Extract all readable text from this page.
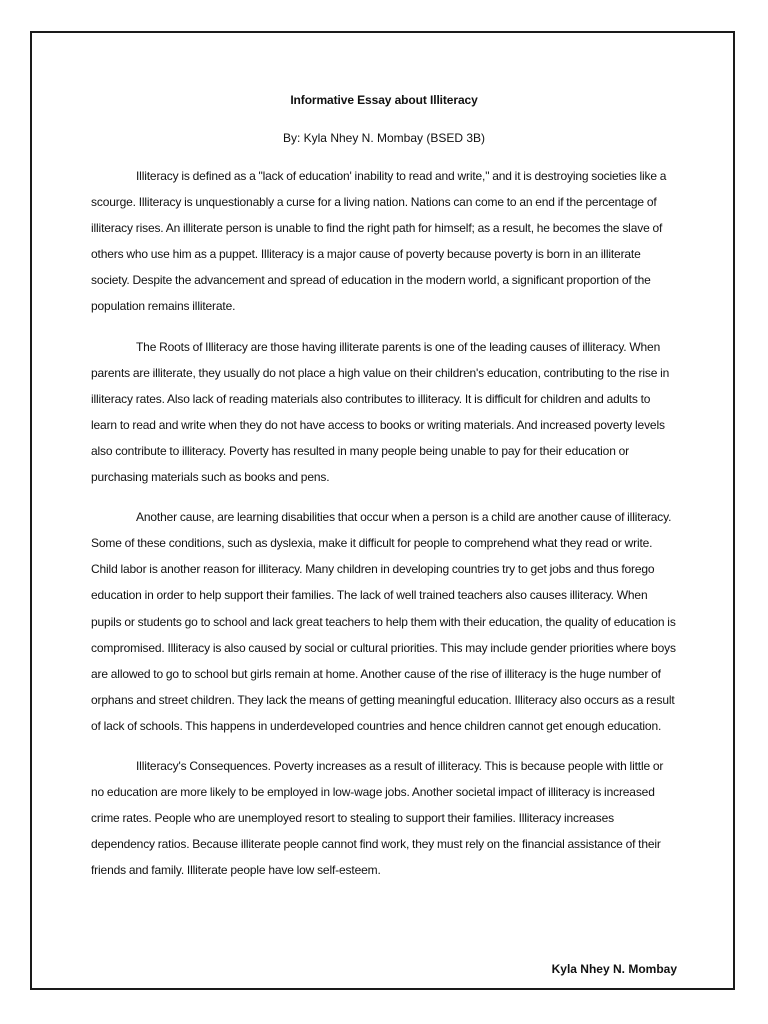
Informative Essay about Illiteracy
By: Kyla Nhey N. Mombay (BSED 3B)

Illiteracy is defined as a "lack of education' inability to read and write," and it is destroying societies like a scourge. Illiteracy is unquestionably a curse for a living nation. Nations can come to an end if the percentage of illiteracy rises. An illiterate person is unable to find the right path for himself; as a result, he becomes the slave of others who use him as a puppet. Illiteracy is a major cause of poverty because poverty is born in an illiterate society. Despite the advancement and spread of education in the modern world, a significant proportion of the population remains illiterate.

The Roots of Illiteracy are those having illiterate parents is one of the leading causes of illiteracy. When parents are illiterate, they usually do not place a high value on their children's education, contributing to the rise in illiteracy rates. Also lack of reading materials also contributes to illiteracy. It is difficult for children and adults to learn to read and write when they do not have access to books or writing materials. And increased poverty levels also contribute to illiteracy. Poverty has resulted in many people being unable to pay for their education or purchasing materials such as books and pens.

Another cause, are learning disabilities that occur when a person is a child are another cause of illiteracy. Some of these conditions, such as dyslexia, make it difficult for people to comprehend what they read or write. Child labor is another reason for illiteracy. Many children in developing countries try to get jobs and thus forego education in order to help support their families. The lack of well trained teachers also causes illiteracy. When pupils or students go to school and lack great teachers to help them with their education, the quality of education is compromised. Illiteracy is also caused by social or cultural priorities. This may include gender priorities where boys are allowed to go to school but girls remain at home. Another cause of the rise of illiteracy is the huge number of orphans and street children. They lack the means of getting meaningful education. Illiteracy also occurs as a result of lack of schools. This happens in underdeveloped countries and hence children cannot get enough education.

Illiteracy's Consequences. Poverty increases as a result of illiteracy. This is because people with little or no education are more likely to be employed in low-wage jobs. Another societal impact of illiteracy is increased crime rates. People who are unemployed resort to stealing to support their families. Illiteracy increases dependency ratios. Because illiterate people cannot find work, they must rely on the financial assistance of their friends and family. Illiterate people have low self-esteem.

Kyla Nhey N. Mombay
